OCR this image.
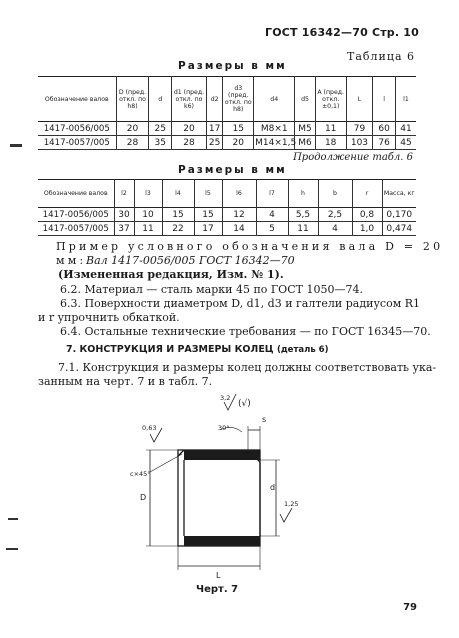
ГОСТ 16342—70 Стр. 10
Таблица 6
Размеры в мм
Обозначение валов	D (пред. откл. по h8)	d	d1 (пред. откл. по k6)	d2	d3 (пред. откл. по h8)	d4	d5	A (пред. откл. ±0,1)	L	l	l1
1417-0056/005	20	25	20	17	15	M8×1	M5	11	79	60	41
1417-0057/005	28	35	28	25	20	M14×1,5	M6	18	103	76	45
Продолжение табл. 6
Размеры в мм
Обозначение валов	l2	l3	l4	l5	l6	l7	h	b	r	Масса, кг
1417-0056/005	30	10	15	15	12	4	5,5	2,5	0,8	0,170
1417-0057/005	37	11	22	17	14	5	11	4	1,0	0,474
Пример условного обозначения вала D = 20 мм: Вал 1417-0056/005 ГОСТ 16342—70
(Измененная редакция, Изм. № 1).
6.2. Материал — сталь марки 45 по ГОСТ 1050—74.
6.3. Поверхности диаметром D, d1, d3 и галтели радиусом R1
и r упрочнить обкаткой.
6.4. Остальные технические требования — по ГОСТ 16345—70.
7. КОНСТРУКЦИЯ И РАЗМЕРЫ КОЛЕЦ (деталь 6)
7.1. Конструкция и размеры колец должны соответствовать ука-
занным на черт. 7 и в табл. 7.
3,2
(√)
0,63	30°
c×45°
D
d
s
L
1,25
Черт. 7
79
